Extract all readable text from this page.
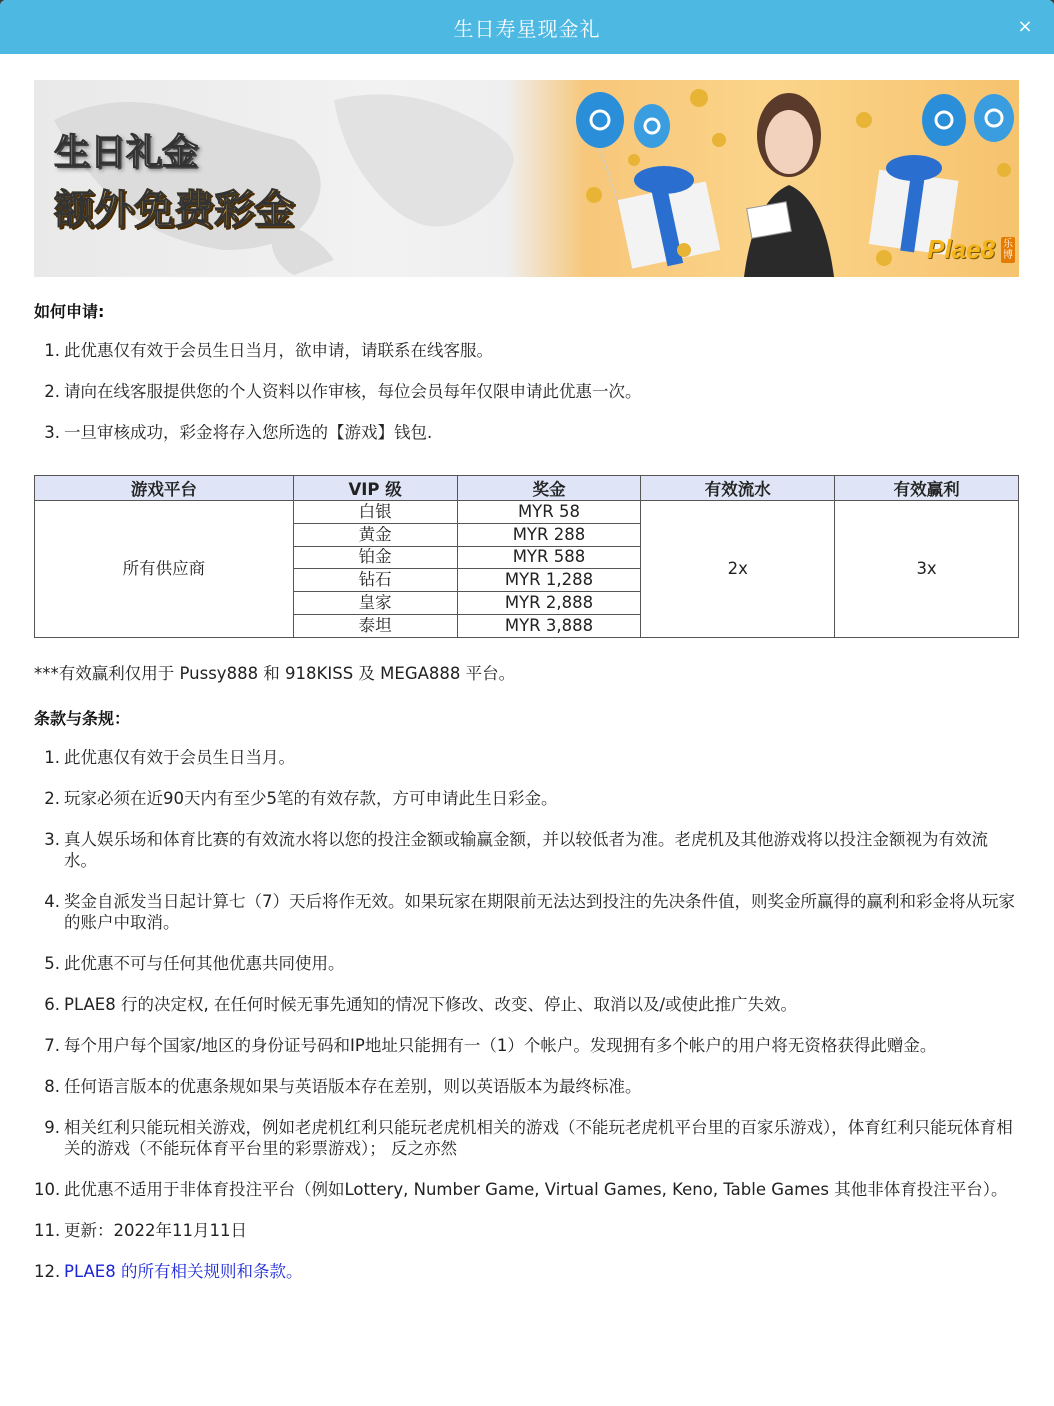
生日寿星现金礼	×
生日礼金
额外免费彩金
Plae8 乐博
如何申请:
1. 此优惠仅有效于会员生日当月，欲申请，请联系在线客服。
2. 请向在线客服提供您的个人资料以作审核，每位会员每年仅限申请此优惠一次。
3. 一旦审核成功，彩金将存入您所选的【游戏】钱包.
游戏平台	VIP 级	奖金	有效流水	有效赢利
所有供应商	白银	MYR 58	2x	3x
	黄金	MYR 288		
	铂金	MYR 588		
	钻石	MYR 1,288		
	皇家	MYR 2,888		
	泰坦	MYR 3,888		

***有效赢利仅用于 Pussy888 和 918KISS 及 MEGA888 平台。

条款与条规：
1. 此优惠仅有效于会员生日当月。
2. 玩家必须在近90天内有至少5笔的有效存款，方可申请此生日彩金。
3. 真人娱乐场和体育比赛的有效流水将以您的投注金额或输赢金额，并以较低者为准。老虎机及其他游戏将以投注金额视为有效流水。
4. 奖金自派发当日起计算七（7）天后将作无效。如果玩家在期限前无法达到投注的先决条件值，则奖金所赢得的赢利和彩金将从玩家的账户中取消。
5. 此优惠不可与任何其他优惠共同使用。
6. PLAE8 行的决定权, 在任何时候无事先通知的情况下修改、改变、停止、取消以及/或使此推广失效。
7. 每个用户每个国家/地区的身份证号码和IP地址只能拥有一（1）个帐户。发现拥有多个帐户的用户将无资格获得此赠金。
8. 任何语言版本的优惠条规如果与英语版本存在差别，则以英语版本为最终标准。
9. 相关红利只能玩相关游戏，例如老虎机红利只能玩老虎机相关的游戏（不能玩老虎机平台里的百家乐游戏），体育红利只能玩体育相关的游戏（不能玩体育平台里的彩票游戏）； 反之亦然
10. 此优惠不适用于非体育投注平台（例如Lottery, Number Game, Virtual Games, Keno, Table Games 其他非体育投注平台）。
11. 更新：2022年11月11日
12. PLAE8 的所有相关规则和条款。
